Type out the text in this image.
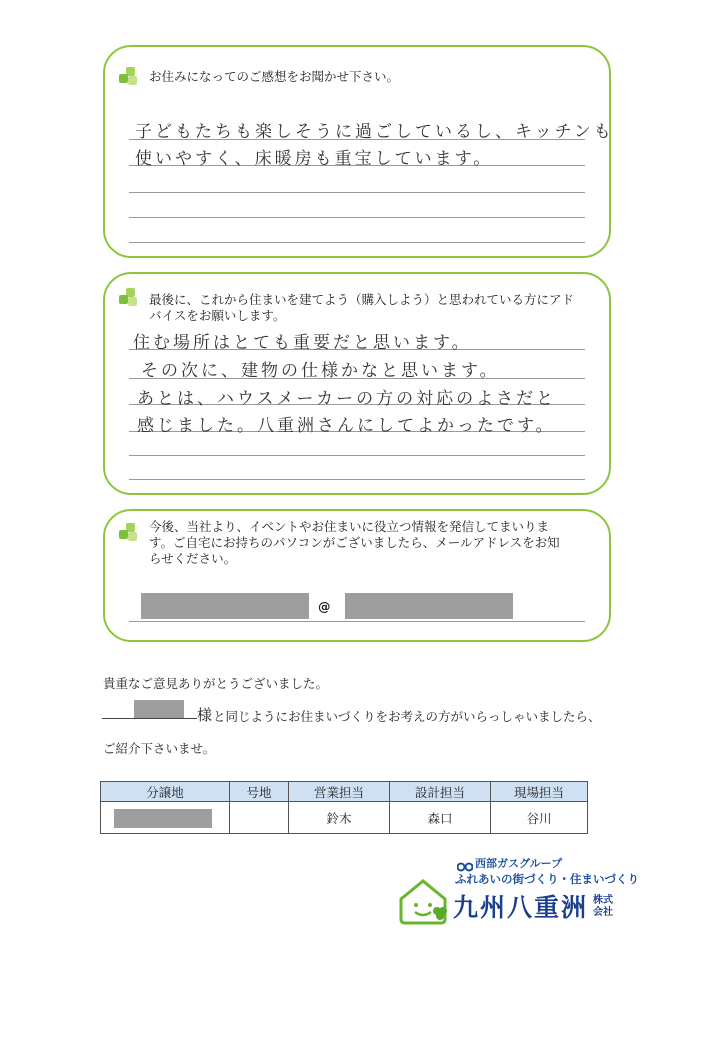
お住みになってのご感想をお聞かせ下さい。
子どもたちも楽しそうに過ごしているし、キッチンも
使いやすく、床暖房も重宝しています。
最後に、これから住まいを建てよう（購入しよう）と思われている方にアドバイスをお願いします。
住む場所はとても重要だと思います。
その次に、建物の仕様かなと思います。
あとは、ハウスメーカーの方の対応のよさだと
感じました。八重洲さんにしてよかったです。
今後、当社より、イベントやお住まいに役立つ情報を発信してまいります。ご自宅にお持ちのパソコンがございましたら、メールアドレスをお知らせください。
@
貴重なご意見ありがとうございました。
様 と同じようにお住まいづくりをお考えの方がいらっしゃいましたら、
ご紹介下さいませ。
分譲地	号地	営業担当	設計担当	現場担当

		鈴木	森口	谷川
西部ガスグループ
ふれあいの街づくり・住まいづくり
九州八重洲 株式
会社
